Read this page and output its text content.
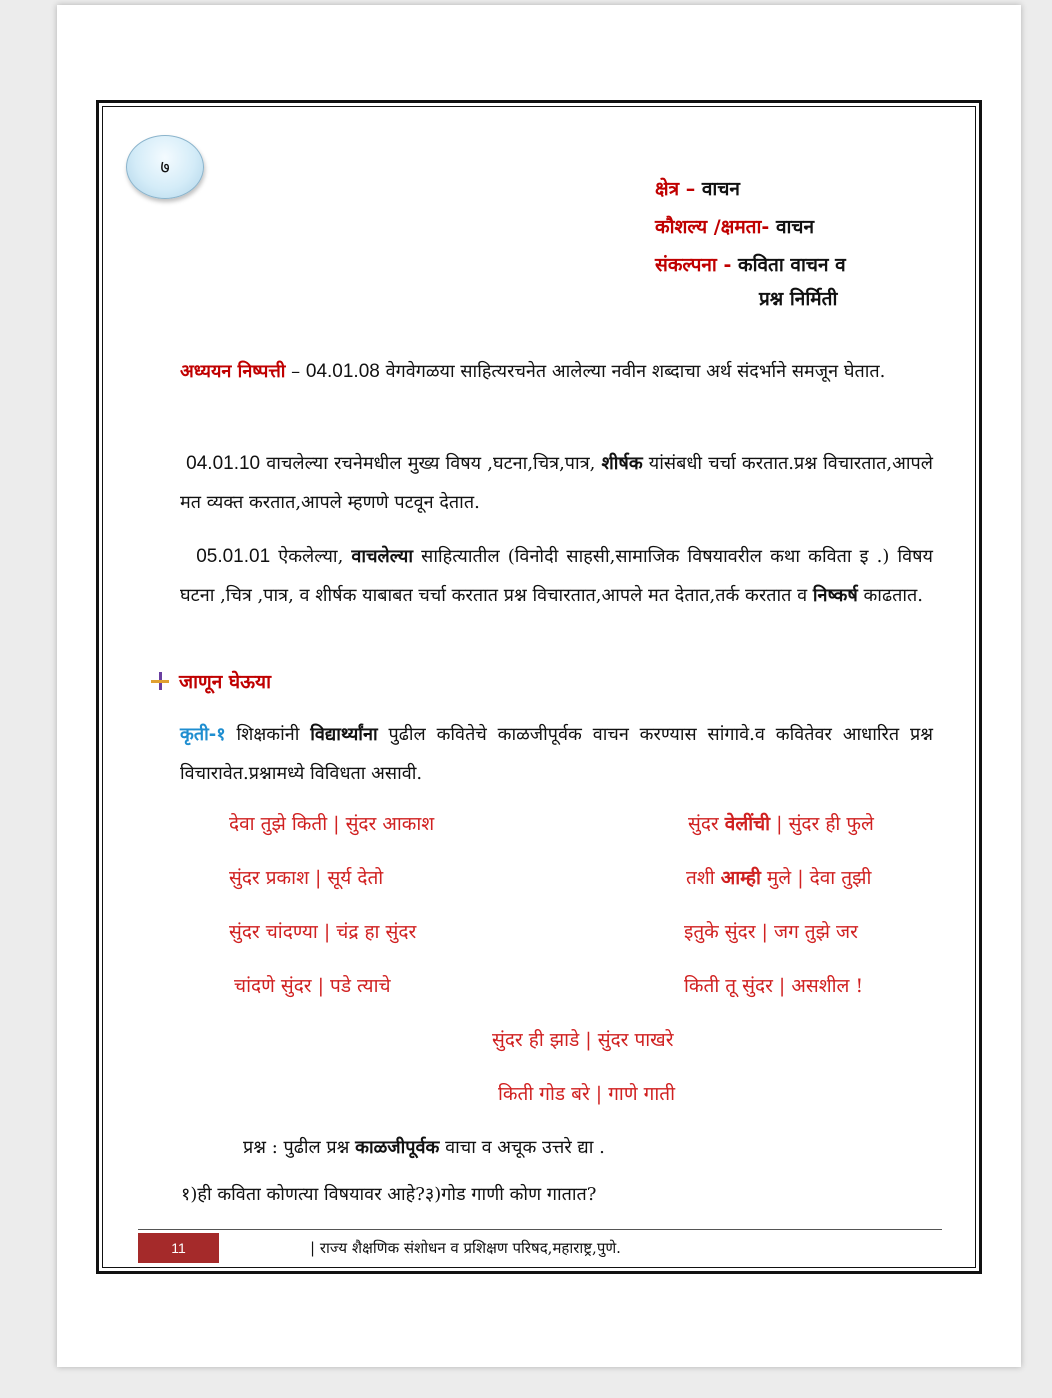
७
क्षेत्र – वाचन
कौशल्य /क्षमता- वाचन
संकल्पना - कविता वाचन व
प्रश्न निर्मिती
अध्ययन निष्पत्ती – 04.01.08 वेगवेगळया साहित्यरचनेत आलेल्या नवीन शब्दाचा अर्थ संदर्भाने समजून घेतात.
04.01.10 वाचलेल्या रचनेमधील मुख्य विषय ,घटना,चित्र,पात्र, शीर्षक यांसंबधी चर्चा करतात.प्रश्न विचारतात,आपले मत व्यक्त करतात,आपले म्हणणे पटवून देतात.
05.01.01 ऐकलेल्या, वाचलेल्या साहित्यातील (विनोदी साहसी,सामाजिक विषयावरील कथा कविता इ .) विषय घटना ,चित्र ,पात्र, व शीर्षक याबाबत चर्चा करतात प्रश्न विचारतात,आपले मत देतात,तर्क करतात व निष्कर्ष काढतात.
जाणून घेऊया
कृती-१ शिक्षकांनी विद्यार्थ्यांना पुढील कवितेचे काळजीपूर्वक वाचन करण्यास सांगावे.व कवितेवर आधारित प्रश्न विचारावेत.प्रश्नामध्ये विविधता असावी.
देवा तुझे किती | सुंदर आकाश
सुंदर प्रकाश | सूर्य देतो
सुंदर चांदण्या | चंद्र हा सुंदर
चांदणे सुंदर | पडे त्याचे
सुंदर वेलींची | सुंदर ही फुले
तशी आम्ही मुले | देवा तुझी
इतुके सुंदर | जग तुझे जर
किती तू सुंदर | असशील !
सुंदर ही झाडे | सुंदर पाखरे
किती गोड बरे | गाणे गाती
प्रश्न : पुढील प्रश्न काळजीपूर्वक वाचा व अचूक उत्तरे द्या .
१)ही कविता कोणत्या विषयावर आहे?३)गोड गाणी कोण गातात?
11	| राज्य शैक्षणिक संशोधन व प्रशिक्षण परिषद,महाराष्ट्र,पुणे.
